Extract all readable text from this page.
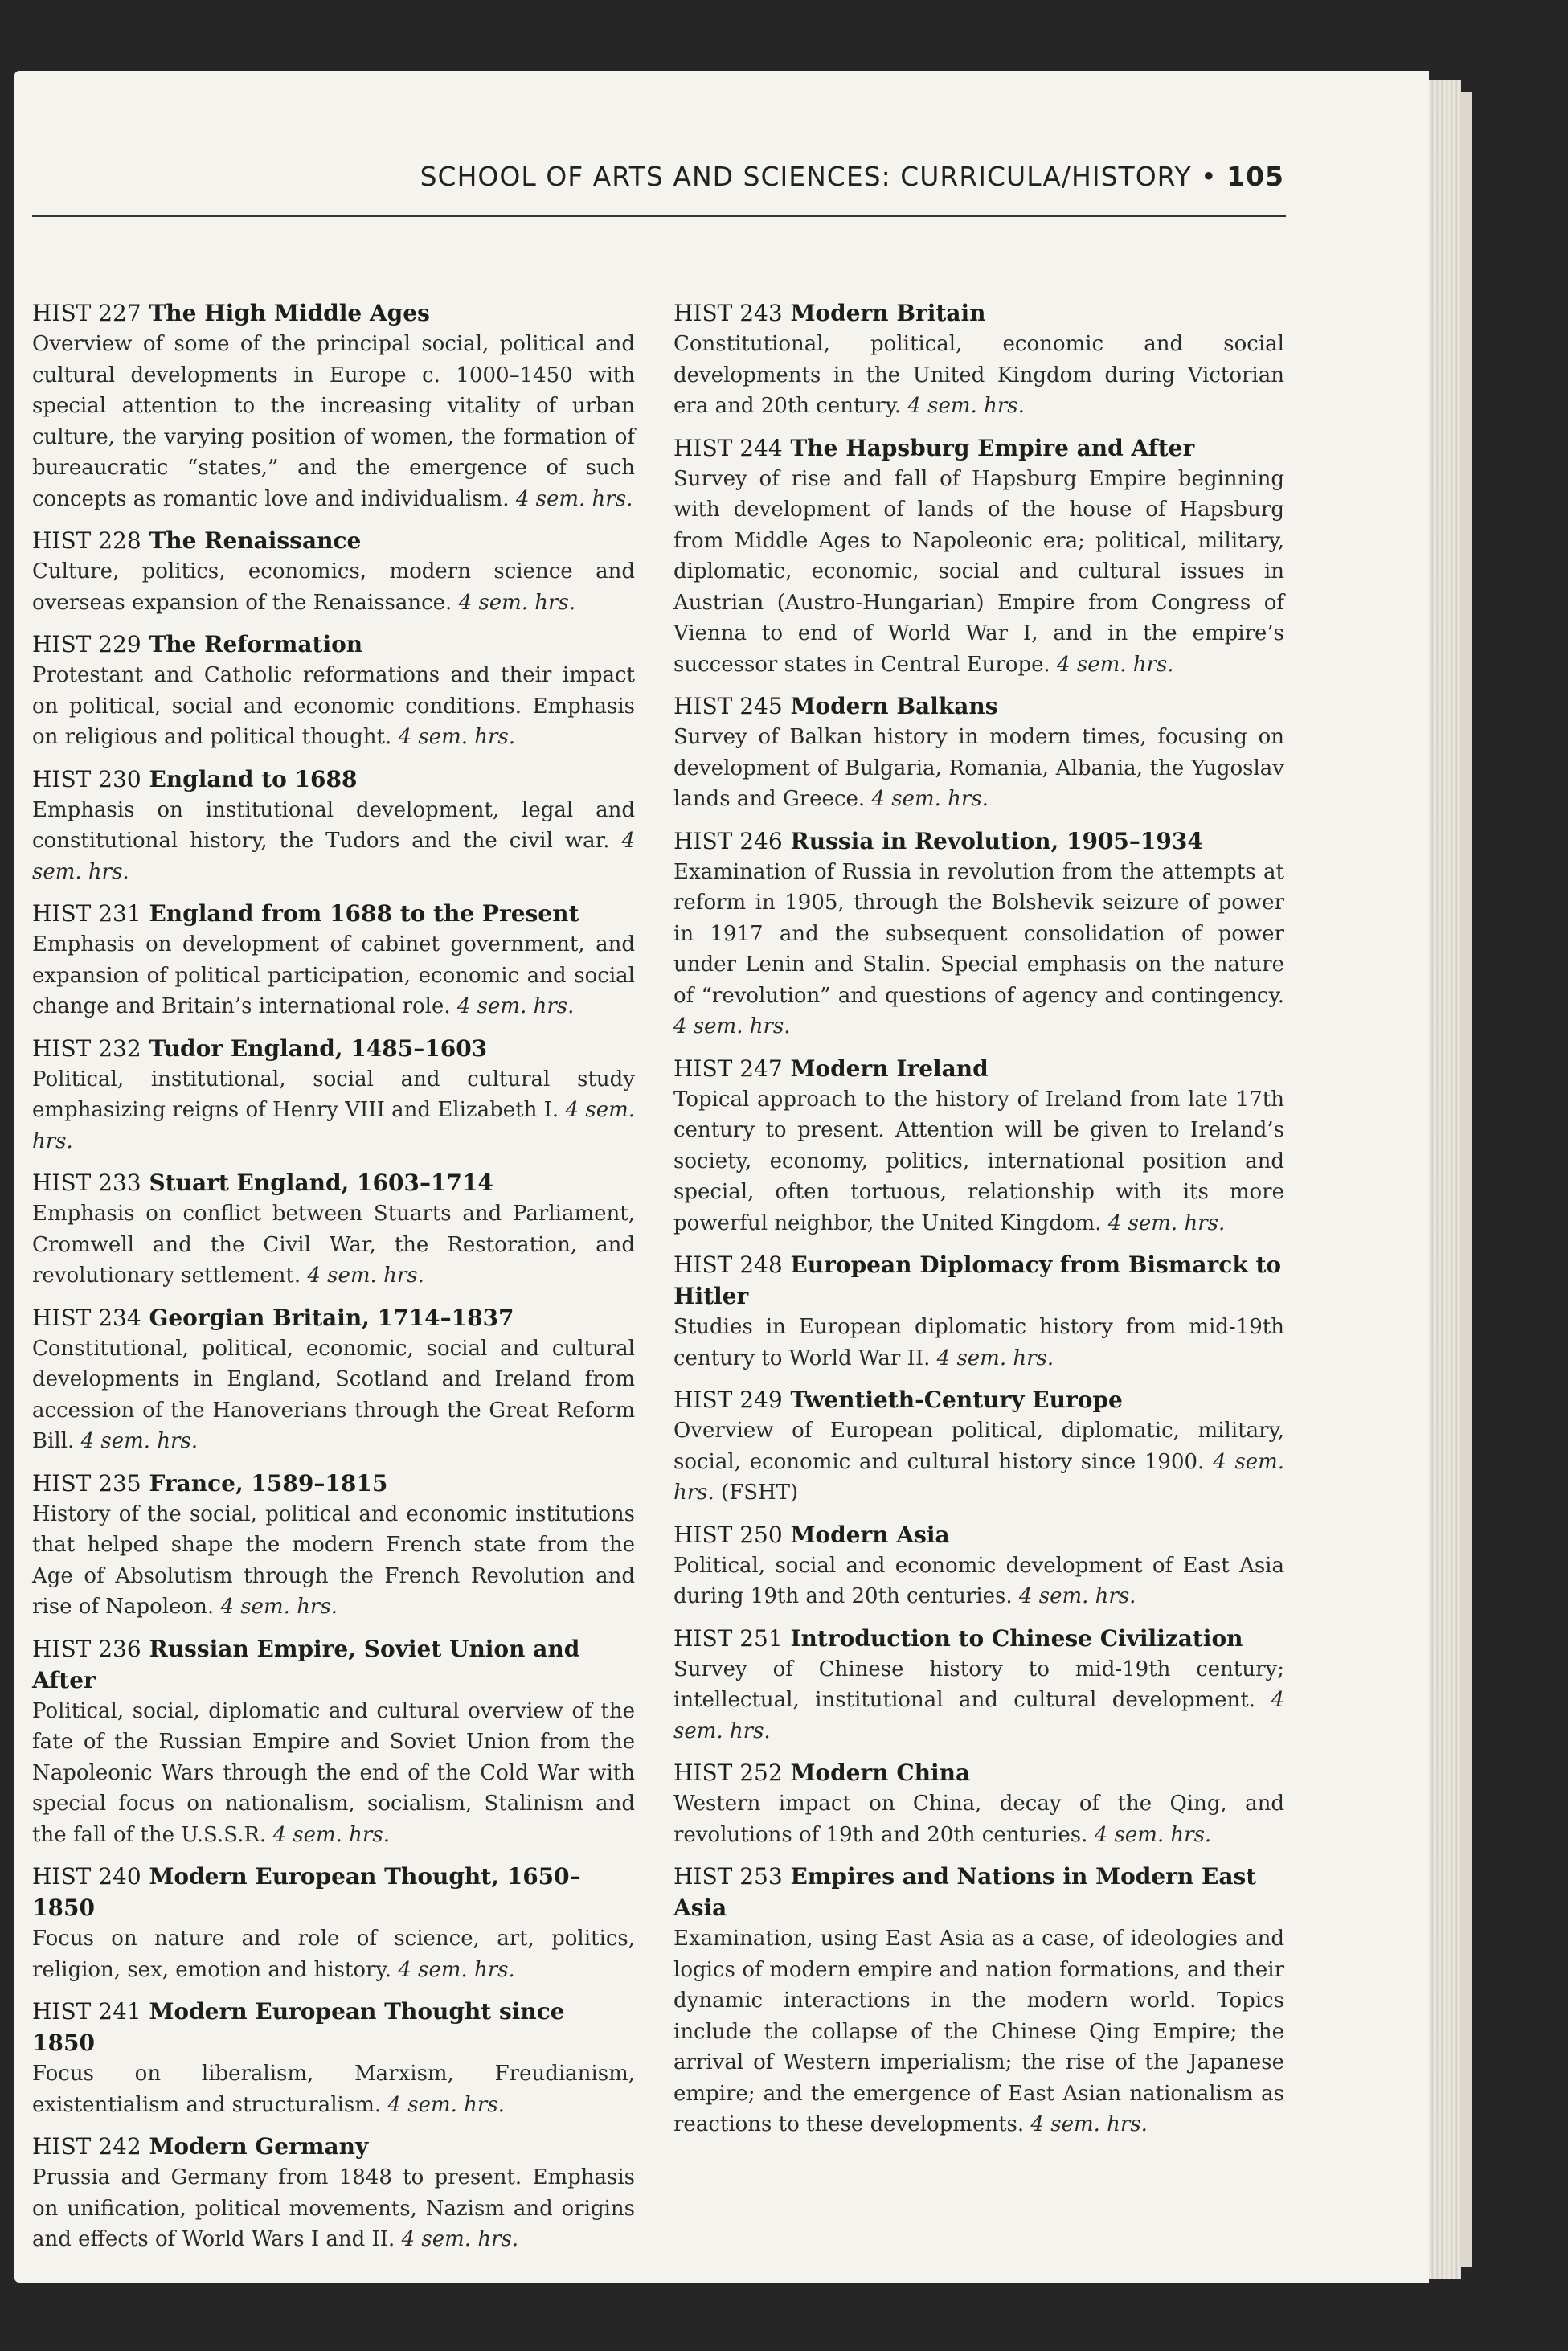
SCHOOL OF ARTS AND SCIENCES: CURRICULA/HISTORY • 105
HIST 227 The High Middle Ages
Overview of some of the principal social, political and cultural developments in Europe c. 1000–1450 with special attention to the increasing vitality of urban culture, the varying position of women, the formation of bureaucratic “states,” and the emergence of such concepts as romantic love and individualism. 4 sem. hrs.
HIST 228 The Renaissance
Culture, politics, economics, modern science and overseas expansion of the Renaissance. 4 sem. hrs.
HIST 229 The Reformation
Protestant and Catholic reformations and their impact on political, social and economic conditions. Emphasis on religious and political thought. 4 sem. hrs.
HIST 230 England to 1688
Emphasis on institutional development, legal and constitutional history, the Tudors and the civil war. 4 sem. hrs.
HIST 231 England from 1688 to the Present
Emphasis on development of cabinet government, and expansion of political participation, economic and social change and Britain’s international role. 4 sem. hrs.
HIST 232 Tudor England, 1485–1603
Political, institutional, social and cultural study emphasizing reigns of Henry VIII and Elizabeth I. 4 sem. hrs.
HIST 233 Stuart England, 1603–1714
Emphasis on conflict between Stuarts and Parliament, Cromwell and the Civil War, the Restoration, and revolutionary settlement. 4 sem. hrs.
HIST 234 Georgian Britain, 1714–1837
Constitutional, political, economic, social and cultural developments in England, Scotland and Ireland from accession of the Hanoverians through the Great Reform Bill. 4 sem. hrs.
HIST 235 France, 1589–1815
History of the social, political and economic institutions that helped shape the modern French state from the Age of Absolutism through the French Revolution and rise of Napoleon. 4 sem. hrs.
HIST 236 Russian Empire, Soviet Union and After
Political, social, diplomatic and cultural overview of the fate of the Russian Empire and Soviet Union from the Napoleonic Wars through the end of the Cold War with special focus on nationalism, socialism, Stalinism and the fall of the U.S.S.R. 4 sem. hrs.
HIST 240 Modern European Thought, 1650–1850
Focus on nature and role of science, art, politics, religion, sex, emotion and history. 4 sem. hrs.
HIST 241 Modern European Thought since 1850
Focus on liberalism, Marxism, Freudianism, existentialism and structuralism. 4 sem. hrs.
HIST 242 Modern Germany
Prussia and Germany from 1848 to present. Emphasis on unification, political movements, Nazism and origins and effects of World Wars I and II. 4 sem. hrs.
HIST 243 Modern Britain
Constitutional, political, economic and social developments in the United Kingdom during Victorian era and 20th century. 4 sem. hrs.
HIST 244 The Hapsburg Empire and After
Survey of rise and fall of Hapsburg Empire beginning with development of lands of the house of Hapsburg from Middle Ages to Napoleonic era; political, military, diplomatic, economic, social and cultural issues in Austrian (Austro-Hungarian) Empire from Congress of Vienna to end of World War I, and in the empire’s successor states in Central Europe. 4 sem. hrs.
HIST 245 Modern Balkans
Survey of Balkan history in modern times, focusing on development of Bulgaria, Romania, Albania, the Yugoslav lands and Greece. 4 sem. hrs.
HIST 246 Russia in Revolution, 1905–1934
Examination of Russia in revolution from the attempts at reform in 1905, through the Bolshevik seizure of power in 1917 and the subsequent consolidation of power under Lenin and Stalin. Special emphasis on the nature of “revolution” and questions of agency and contingency. 4 sem. hrs.
HIST 247 Modern Ireland
Topical approach to the history of Ireland from late 17th century to present. Attention will be given to Ireland’s society, economy, politics, international position and special, often tortuous, relationship with its more powerful neighbor, the United Kingdom. 4 sem. hrs.
HIST 248 European Diplomacy from Bismarck to Hitler
Studies in European diplomatic history from mid-19th century to World War II. 4 sem. hrs.
HIST 249 Twentieth-Century Europe
Overview of European political, diplomatic, military, social, economic and cultural history since 1900. 4 sem. hrs. (FSHT)
HIST 250 Modern Asia
Political, social and economic development of East Asia during 19th and 20th centuries. 4 sem. hrs.
HIST 251 Introduction to Chinese Civilization
Survey of Chinese history to mid-19th century; intellectual, institutional and cultural development. 4 sem. hrs.
HIST 252 Modern China
Western impact on China, decay of the Qing, and revolutions of 19th and 20th centuries. 4 sem. hrs.
HIST 253 Empires and Nations in Modern East Asia
Examination, using East Asia as a case, of ideologies and logics of modern empire and nation formations, and their dynamic interactions in the modern world. Topics include the collapse of the Chinese Qing Empire; the arrival of Western imperialism; the rise of the Japanese empire; and the emergence of East Asian nationalism as reactions to these developments. 4 sem. hrs.
